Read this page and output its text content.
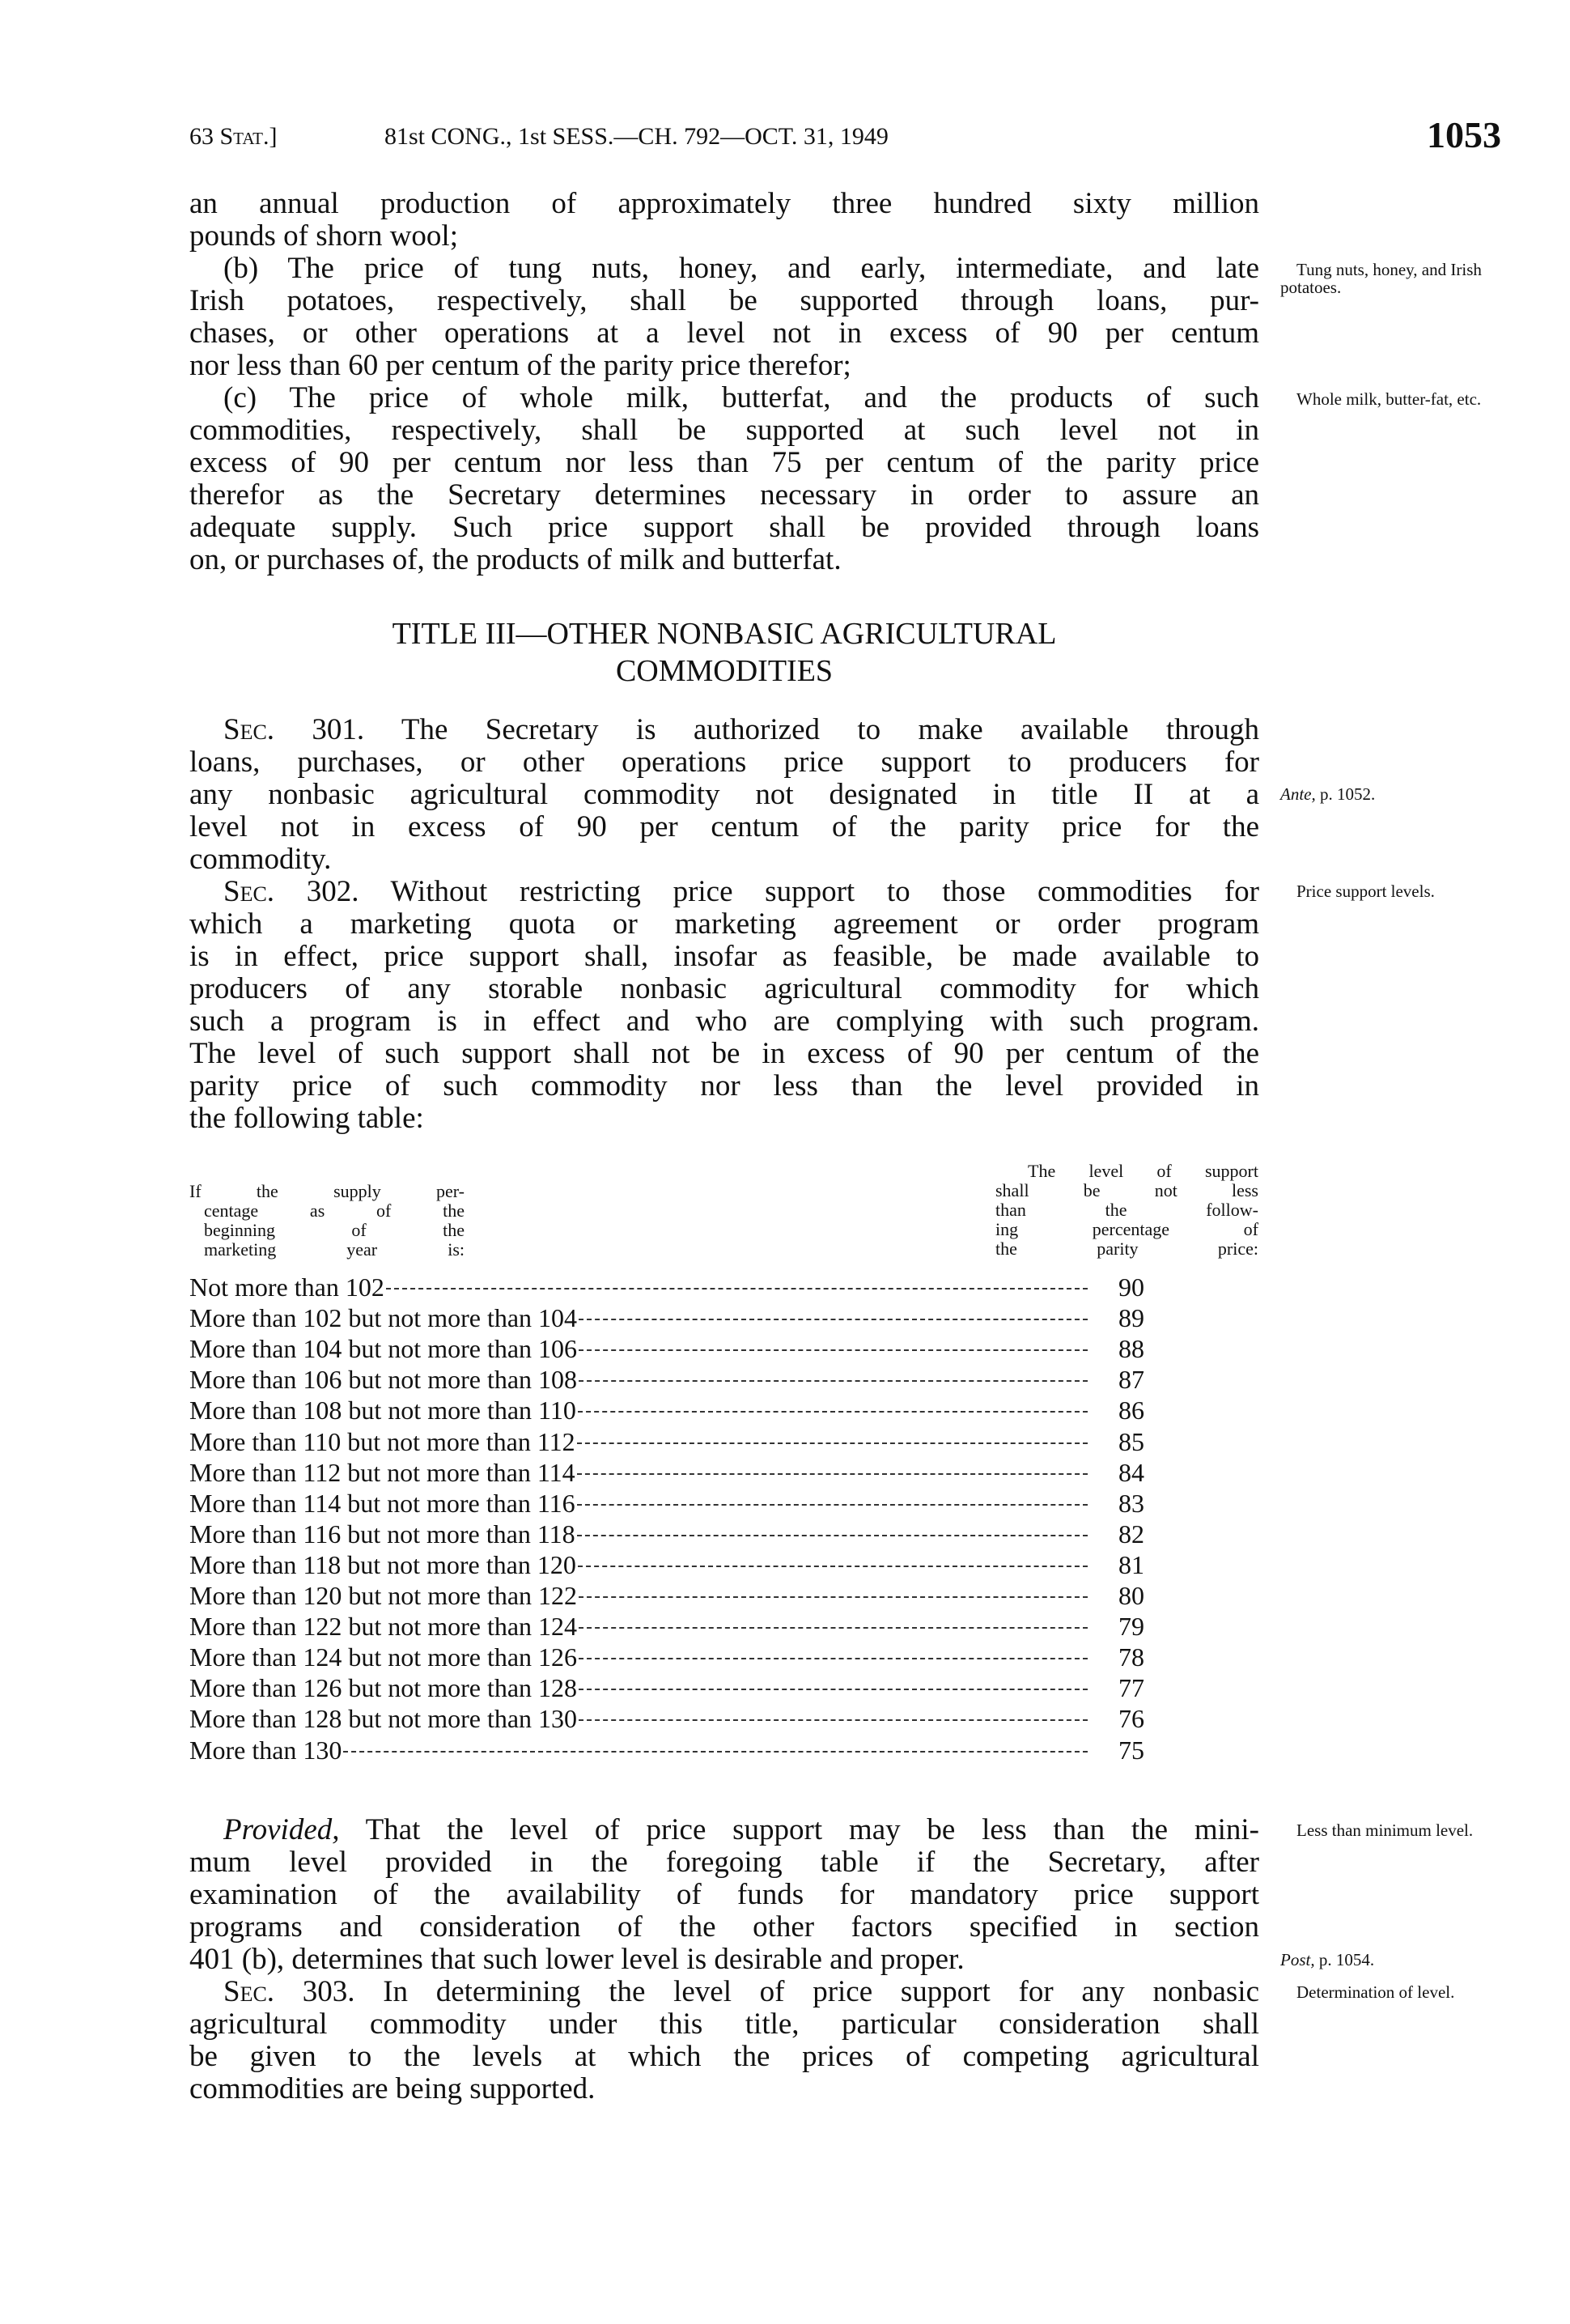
63 Stat.]	81st CONG., 1st SESS.—CH. 792—OCT. 31, 1949	1053
an annual production of approximately three hundred sixty million
pounds of shorn wool;
(b) The price of tung nuts, honey, and early, intermediate, and late
Irish potatoes, respectively, shall be supported through loans, pur-
chases, or other operations at a level not in excess of 90 per centum
nor less than 60 per centum of the parity price therefor;
(c) The price of whole milk, butterfat, and the products of such
commodities, respectively, shall be supported at such level not in
excess of 90 per centum nor less than 75 per centum of the parity price
therefor as the Secretary determines necessary in order to assure an
adequate supply. Such price support shall be provided through loans
on, or purchases of, the products of milk and butterfat.
TITLE III—OTHER NONBASIC AGRICULTURAL
COMMODITIES
Sec. 301. The Secretary is authorized to make available through
loans, purchases, or other operations price support to producers for
any nonbasic agricultural commodity not designated in title II at a
level not in excess of 90 per centum of the parity price for the
commodity.
Sec. 302. Without restricting price support to those commodities for
which a marketing quota or marketing agreement or order program
is in effect, price support shall, insofar as feasible, be made available to
producers of any storable nonbasic agricultural commodity for which
such a program is in effect and who are complying with such program.
The level of such support shall not be in excess of 90 per centum of the
parity price of such commodity nor less than the level provided in
the following table:
If the supply per-
centage as of the
beginning of the
marketing year is:
The level of support
shall be not less
than the follow-
ing percentage of
the parity price:
Not more than 102	90
More than 102 but not more than 104	89
More than 104 but not more than 106	88
More than 106 but not more than 108	87
More than 108 but not more than 110	86
More than 110 but not more than 112	85
More than 112 but not more than 114	84
More than 114 but not more than 116	83
More than 116 but not more than 118	82
More than 118 but not more than 120	81
More than 120 but not more than 122	80
More than 122 but not more than 124	79
More than 124 but not more than 126	78
More than 126 but not more than 128	77
More than 128 but not more than 130	76
More than 130	75
Provided, That the level of price support may be less than the mini-
mum level provided in the foregoing table if the Secretary, after
examination of the availability of funds for mandatory price support
programs and consideration of the other factors specified in section
401 (b), determines that such lower level is desirable and proper.
Sec. 303. In determining the level of price support for any nonbasic
agricultural commodity under this title, particular consideration shall
be given to the levels at which the prices of competing agricultural
commodities are being supported.
Tung nuts, honey, and Irish potatoes.
Whole milk, butter-fat, etc.
Ante, p. 1052.
Price support levels.
Less than minimum level.
Post, p. 1054.
Determination of level.
